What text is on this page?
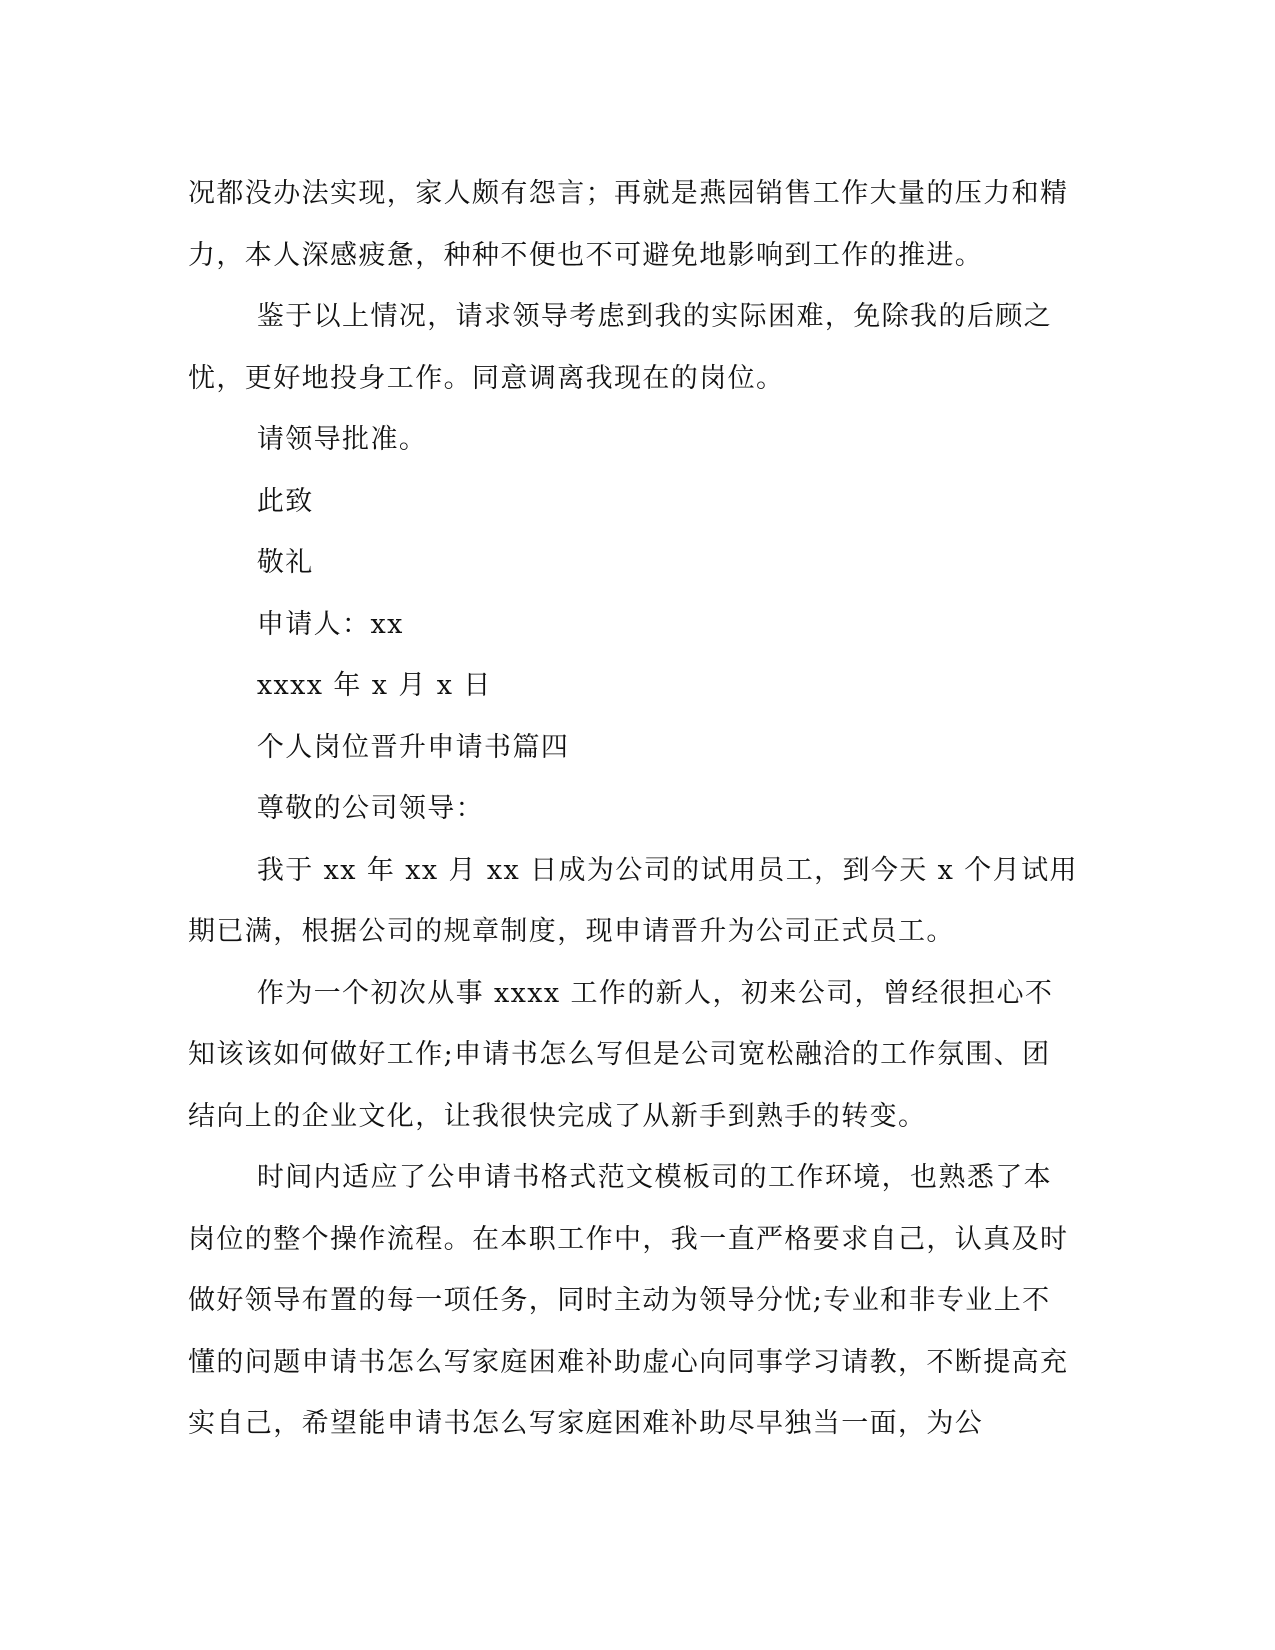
况都没办法实现，家人颇有怨言；再就是燕园销售工作大量的压力和精力，本人深感疲惫，种种不便也不可避免地影响到工作的推进。

鉴于以上情况，请求领导考虑到我的实际困难，免除我的后顾之忧，更好地投身工作。同意调离我现在的岗位。

请领导批准。

此致

敬礼

申请人：xx

xxxx 年 x 月 x 日

个人岗位晋升申请书篇四

尊敬的公司领导：

我于 xx 年 xx 月 xx 日成为公司的试用员工，到今天 x 个月试用期已满，根据公司的规章制度，现申请晋升为公司正式员工。

作为一个初次从事 xxxx 工作的新人，初来公司，曾经很担心不知该该如何做好工作;申请书怎么写但是公司宽松融洽的工作氛围、团结向上的企业文化，让我很快完成了从新手到熟手的转变。

时间内适应了公申请书格式范文模板司的工作环境，也熟悉了本岗位的整个操作流程。在本职工作中，我一直严格要求自己，认真及时做好领导布置的每一项任务，同时主动为领导分忧;专业和非专业上不懂的问题申请书怎么写家庭困难补助虚心向同事学习请教，不断提高充实自己，希望能申请书怎么写家庭困难补助尽早独当一面，为公
